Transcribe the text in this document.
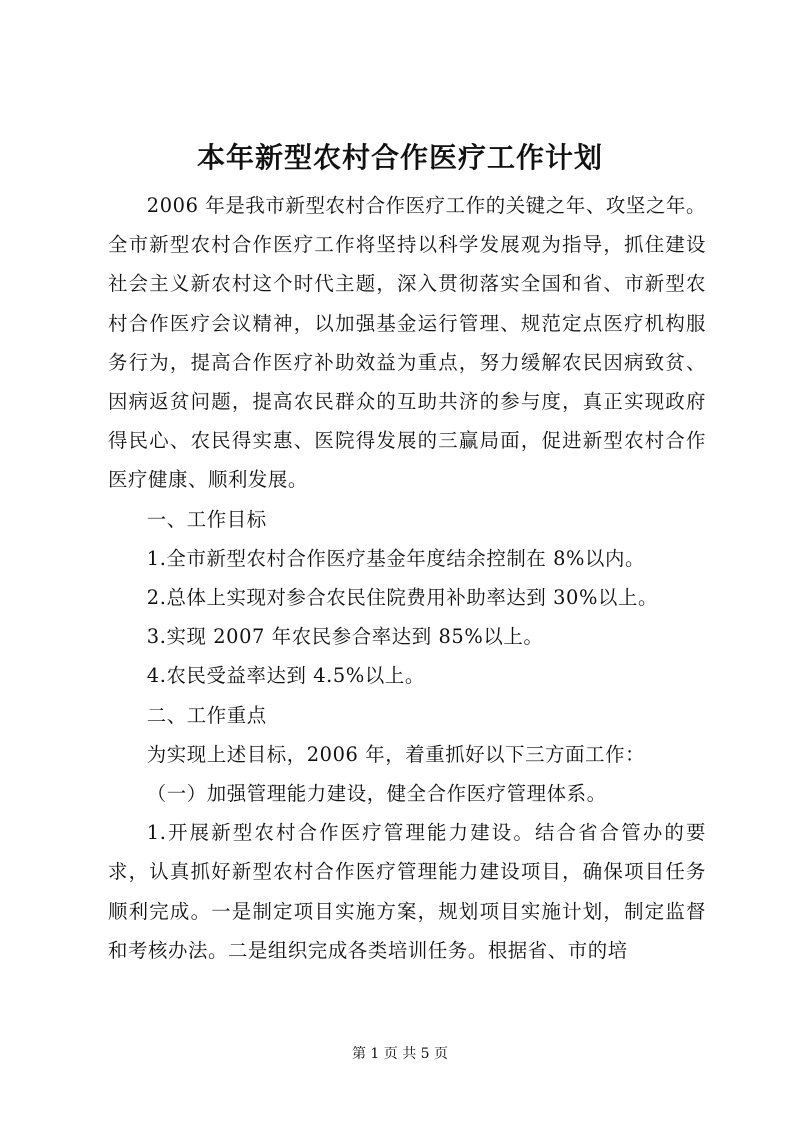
本年新型农村合作医疗工作计划

2006 年是我市新型农村合作医疗工作的关键之年、攻坚之年。全市新型农村合作医疗工作将坚持以科学发展观为指导，抓住建设社会主义新农村这个时代主题，深入贯彻落实全国和省、市新型农村合作医疗会议精神，以加强基金运行管理、规范定点医疗机构服务行为，提高合作医疗补助效益为重点，努力缓解农民因病致贫、因病返贫问题，提高农民群众的互助共济的参与度，真正实现政府得民心、农民得实惠、医院得发展的三赢局面，促进新型农村合作医疗健康、顺利发展。

一、工作目标

1.全市新型农村合作医疗基金年度结余控制在 8%以内。

2.总体上实现对参合农民住院费用补助率达到 30%以上。

3.实现 2007 年农民参合率达到 85%以上。

4.农民受益率达到 4.5%以上。

二、工作重点

为实现上述目标，2006 年，着重抓好以下三方面工作：

（一）加强管理能力建设，健全合作医疗管理体系。

1.开展新型农村合作医疗管理能力建设。结合省合管办的要求，认真抓好新型农村合作医疗管理能力建设项目，确保项目任务顺利完成。一是制定项目实施方案，规划项目实施计划，制定监督和考核办法。二是组织完成各类培训任务。根据省、市的培

第 1 页 共 5 页
